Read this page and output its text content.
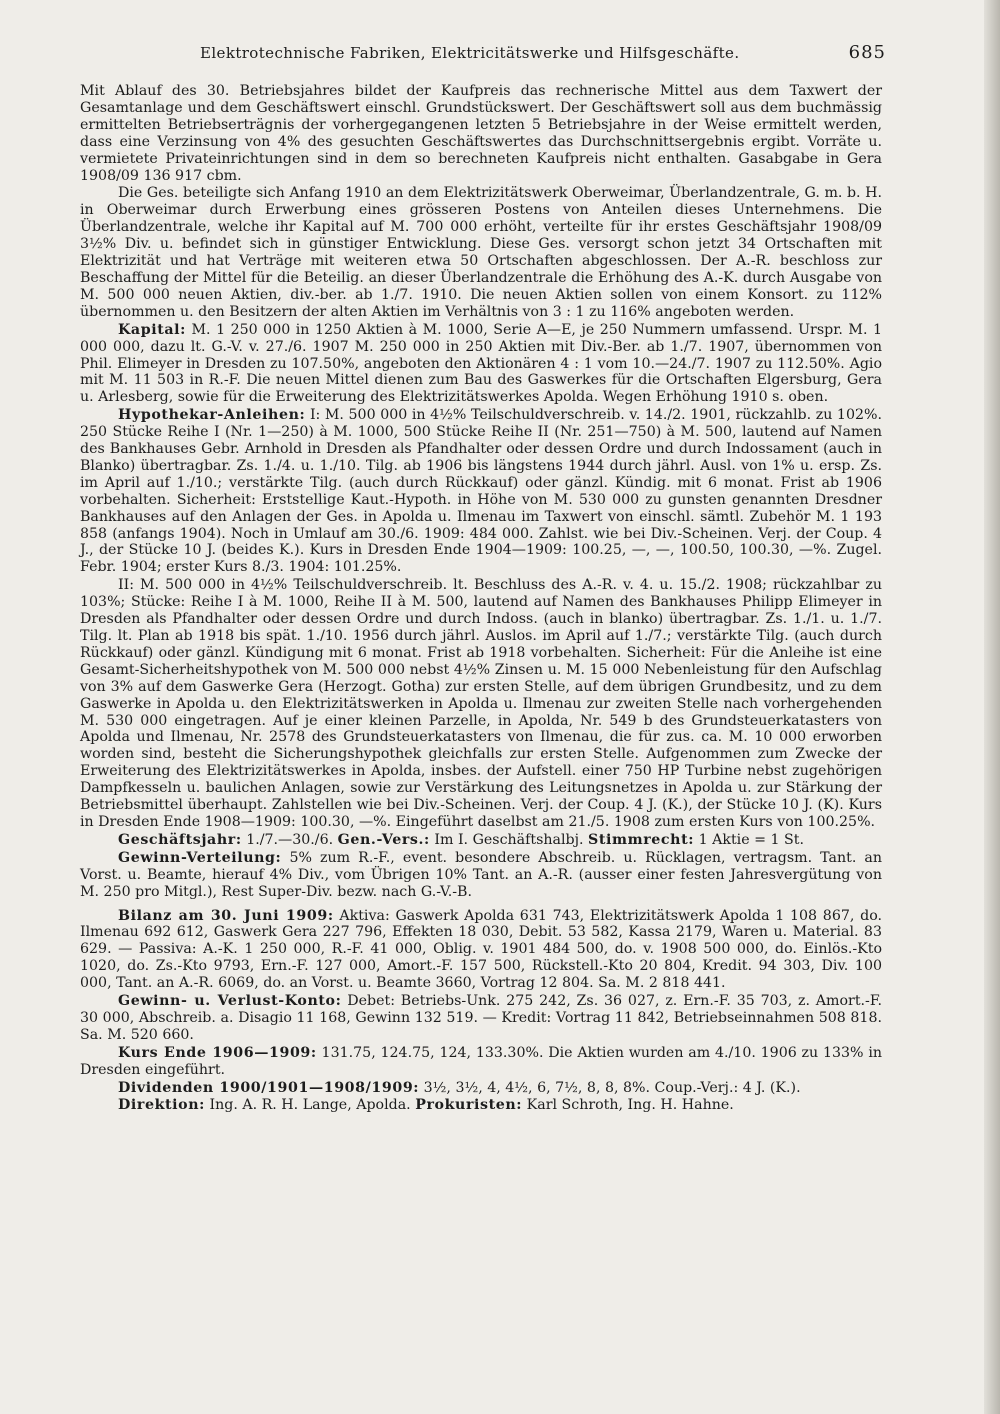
Elektrotechnische Fabriken, Elektricitätswerke und Hilfsgeschäfte.	685

Mit Ablauf des 30. Betriebsjahres bildet der Kaufpreis das rechnerische Mittel aus dem Taxwert der Gesamtanlage und dem Geschäftswert einschl. Grundstückswert. Der Geschäftswert soll aus dem buchmässig ermittelten Betriebserträgnis der vorhergegangenen letzten 5 Betriebsjahre in der Weise ermittelt werden, dass eine Verzinsung von 4% des gesuchten Geschäftswertes das Durchschnittsergebnis ergibt. Vorräte u. vermietete Privateinrichtungen sind in dem so berechneten Kaufpreis nicht enthalten. Gasabgabe in Gera 1908/09 136 917 cbm.

Die Ges. beteiligte sich Anfang 1910 an dem Elektrizitätswerk Oberweimar, Überlandzentrale, G. m. b. H. in Oberweimar durch Erwerbung eines grösseren Postens von Anteilen dieses Unternehmens. Die Überlandzentrale, welche ihr Kapital auf M. 700 000 erhöht, verteilte für ihr erstes Geschäftsjahr 1908/09 3½% Div. u. befindet sich in günstiger Entwicklung. Diese Ges. versorgt schon jetzt 34 Ortschaften mit Elektrizität und hat Verträge mit weiteren etwa 50 Ortschaften abgeschlossen. Der A.-R. beschloss zur Beschaffung der Mittel für die Beteilig. an dieser Überlandzentrale die Erhöhung des A.-K. durch Ausgabe von M. 500 000 neuen Aktien, div.-ber. ab 1./7. 1910. Die neuen Aktien sollen von einem Konsort. zu 112% übernommen u. den Besitzern der alten Aktien im Verhältnis von 3 : 1 zu 116% angeboten werden.

Kapital: M. 1 250 000 in 1250 Aktien à M. 1000, Serie A—E, je 250 Nummern umfassend. Urspr. M. 1 000 000, dazu lt. G.-V. v. 27./6. 1907 M. 250 000 in 250 Aktien mit Div.-Ber. ab 1./7. 1907, übernommen von Phil. Elimeyer in Dresden zu 107.50%, angeboten den Aktionären 4 : 1 vom 10.—24./7. 1907 zu 112.50%. Agio mit M. 11 503 in R.-F. Die neuen Mittel dienen zum Bau des Gaswerkes für die Ortschaften Elgersburg, Gera u. Arlesberg, sowie für die Erweiterung des Elektrizitätswerkes Apolda. Wegen Erhöhung 1910 s. oben.

Hypothekar-Anleihen: I: M. 500 000 in 4½% Teilschuldverschreib. v. 14./2. 1901, rückzahlb. zu 102%. 250 Stücke Reihe I (Nr. 1—250) à M. 1000, 500 Stücke Reihe II (Nr. 251—750) à M. 500, lautend auf Namen des Bankhauses Gebr. Arnhold in Dresden als Pfandhalter oder dessen Ordre und durch Indossament (auch in Blanko) übertragbar. Zs. 1./4. u. 1./10. Tilg. ab 1906 bis längstens 1944 durch jährl. Ausl. von 1% u. ersp. Zs. im April auf 1./10.; verstärkte Tilg. (auch durch Rückkauf) oder gänzl. Kündig. mit 6 monat. Frist ab 1906 vorbehalten. Sicherheit: Erststellige Kaut.-Hypoth. in Höhe von M. 530 000 zu gunsten genannten Dresdner Bankhauses auf den Anlagen der Ges. in Apolda u. Ilmenau im Taxwert von einschl. sämtl. Zubehör M. 1 193 858 (anfangs 1904). Noch in Umlauf am 30./6. 1909: 484 000. Zahlst. wie bei Div.-Scheinen. Verj. der Coup. 4 J., der Stücke 10 J. (beides K.). Kurs in Dresden Ende 1904—1909: 100.25, —, —, 100.50, 100.30, —%. Zugel. Febr. 1904; erster Kurs 8./3. 1904: 101.25%.

II: M. 500 000 in 4½% Teilschuldverschreib. lt. Beschluss des A.-R. v. 4. u. 15./2. 1908; rückzahlbar zu 103%; Stücke: Reihe I à M. 1000, Reihe II à M. 500, lautend auf Namen des Bankhauses Philipp Elimeyer in Dresden als Pfandhalter oder dessen Ordre und durch Indoss. (auch in blanko) übertragbar. Zs. 1./1. u. 1./7. Tilg. lt. Plan ab 1918 bis spät. 1./10. 1956 durch jährl. Auslos. im April auf 1./7.; verstärkte Tilg. (auch durch Rückkauf) oder gänzl. Kündigung mit 6 monat. Frist ab 1918 vorbehalten. Sicherheit: Für die Anleihe ist eine Gesamt-Sicherheitshypothek von M. 500 000 nebst 4½% Zinsen u. M. 15 000 Nebenleistung für den Aufschlag von 3% auf dem Gaswerke Gera (Herzogt. Gotha) zur ersten Stelle, auf dem übrigen Grundbesitz, und zu dem Gaswerke in Apolda u. den Elektrizitätswerken in Apolda u. Ilmenau zur zweiten Stelle nach vorhergehenden M. 530 000 eingetragen. Auf je einer kleinen Parzelle, in Apolda, Nr. 549 b des Grundsteuerkatasters von Apolda und Ilmenau, Nr. 2578 des Grundsteuerkatasters von Ilmenau, die für zus. ca. M. 10 000 erworben worden sind, besteht die Sicherungshypothek gleichfalls zur ersten Stelle. Aufgenommen zum Zwecke der Erweiterung des Elektrizitätswerkes in Apolda, insbes. der Aufstell. einer 750 HP Turbine nebst zugehörigen Dampfkesseln u. baulichen Anlagen, sowie zur Verstärkung des Leitungsnetzes in Apolda u. zur Stärkung der Betriebsmittel überhaupt. Zahlstellen wie bei Div.-Scheinen. Verj. der Coup. 4 J. (K.), der Stücke 10 J. (K). Kurs in Dresden Ende 1908—1909: 100.30, —%. Eingeführt daselbst am 21./5. 1908 zum ersten Kurs von 100.25%.

Geschäftsjahr: 1./7.—30./6. Gen.-Vers.: Im I. Geschäftshalbj. Stimmrecht: 1 Aktie = 1 St.

Gewinn-Verteilung: 5% zum R.-F., event. besondere Abschreib. u. Rücklagen, vertragsm. Tant. an Vorst. u. Beamte, hierauf 4% Div., vom Übrigen 10% Tant. an A.-R. (ausser einer festen Jahresvergütung von M. 250 pro Mitgl.), Rest Super-Div. bezw. nach G.-V.-B.

Bilanz am 30. Juni 1909: Aktiva: Gaswerk Apolda 631 743, Elektrizitätswerk Apolda 1 108 867, do. Ilmenau 692 612, Gaswerk Gera 227 796, Effekten 18 030, Debit. 53 582, Kassa 2179, Waren u. Material. 83 629. — Passiva: A.-K. 1 250 000, R.-F. 41 000, Oblig. v. 1901 484 500, do. v. 1908 500 000, do. Einlös.-Kto 1020, do. Zs.-Kto 9793, Ern.-F. 127 000, Amort.-F. 157 500, Rückstell.-Kto 20 804, Kredit. 94 303, Div. 100 000, Tant. an A.-R. 6069, do. an Vorst. u. Beamte 3660, Vortrag 12 804. Sa. M. 2 818 441.

Gewinn- u. Verlust-Konto: Debet: Betriebs-Unk. 275 242, Zs. 36 027, z. Ern.-F. 35 703, z. Amort.-F. 30 000, Abschreib. a. Disagio 11 168, Gewinn 132 519. — Kredit: Vortrag 11 842, Betriebseinnahmen 508 818. Sa. M. 520 660.

Kurs Ende 1906—1909: 131.75, 124.75, 124, 133.30%. Die Aktien wurden am 4./10. 1906 zu 133% in Dresden eingeführt.

Dividenden 1900/1901—1908/1909: 3½, 3½, 4, 4½, 6, 7½, 8, 8, 8%. Coup.-Verj.: 4 J. (K.).

Direktion: Ing. A. R. H. Lange, Apolda. Prokuristen: Karl Schroth, Ing. H. Hahne.
